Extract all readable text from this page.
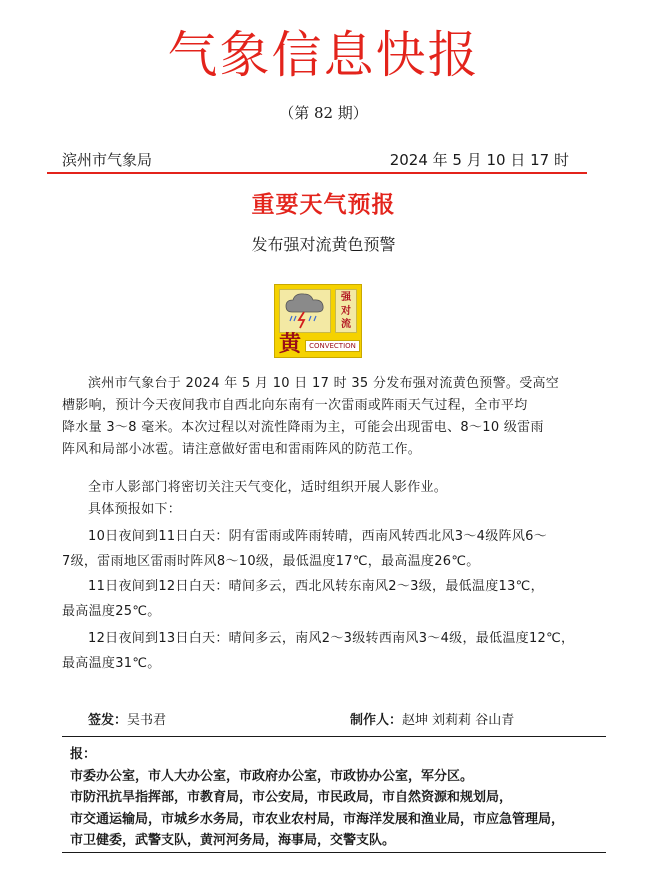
气象信息快报
（第 82 期）
滨州市气象局	2024 年 5 月 10 日 17 时
重要天气预报
发布强对流黄色预警
强
对
流
黄	CONVECTION
滨州市气象台于 2024 年 5 月 10 日 17 时 35 分发布强对流黄色预警。受高空
槽影响，预计今天夜间我市自西北向东南有一次雷雨或阵雨天气过程，全市平均
降水量 3～8 毫米。本次过程以对流性降雨为主，可能会出现雷电、8～10 级雷雨
阵风和局部小冰雹。请注意做好雷电和雷雨阵风的防范工作。
全市人影部门将密切关注天气变化，适时组织开展人影作业。
具体预报如下：
10日夜间到11日白天：阴有雷雨或阵雨转晴，西南风转西北风3～4级阵风6～
7级，雷雨地区雷雨时阵风8～10级，最低温度17℃，最高温度26℃。
11日夜间到12日白天：晴间多云，西北风转东南风2～3级，最低温度13℃，
最高温度25℃。
12日夜间到13日白天：晴间多云，南风2～3级转西南风3～4级，最低温度12℃，
最高温度31℃。
签发：吴书君	制作人：赵坤 刘莉莉 谷山青
报：
市委办公室，市人大办公室，市政府办公室，市政协办公室，军分区。
市防汛抗旱指挥部，市教育局，市公安局，市民政局，市自然资源和规划局，
市交通运输局，市城乡水务局，市农业农村局，市海洋发展和渔业局，市应急管理局，
市卫健委，武警支队，黄河河务局，海事局，交警支队。
